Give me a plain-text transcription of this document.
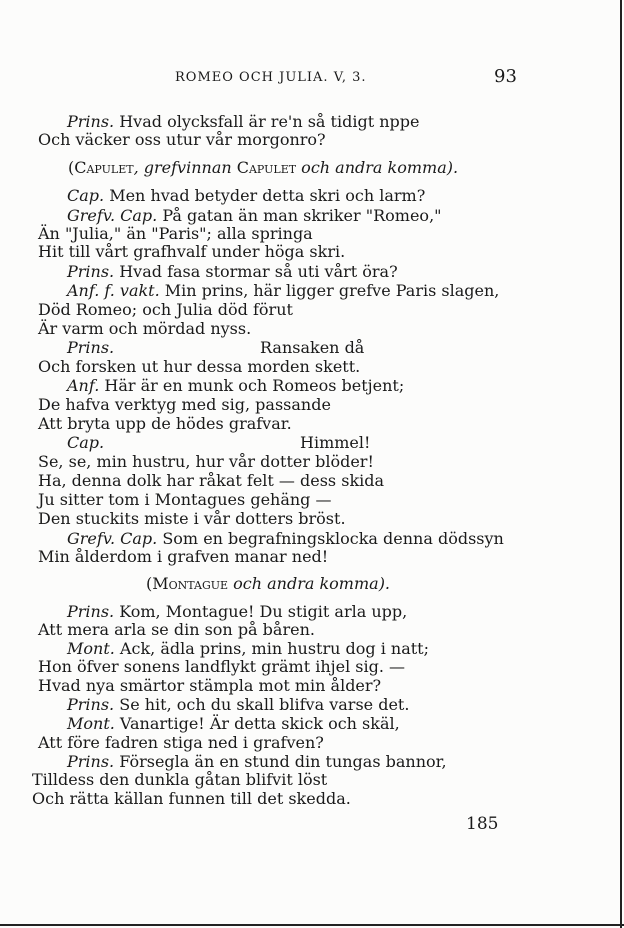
ROMEO OCH JULIA. V, 3.	93
Prins. Hvad olycksfall är re'n så tidigt nppe
Och väcker oss utur vår morgonro?
(Capulet, grefvinnan Capulet och andra komma).
Cap. Men hvad betyder detta skri och larm?
Grefv. Cap. På gatan än man skriker "Romeo,"
Än "Julia," än "Paris"; alla springa
Hit till vårt grafhvalf under höga skri.
Prins. Hvad fasa stormar så uti vårt öra?
Anf. f. vakt. Min prins, här ligger grefve Paris slagen,
Död Romeo; och Julia död förut
Är varm och mördad nyss.
Prins.	Ransaken då
Och forsken ut hur dessa morden skett.
Anf. Här är en munk och Romeos betjent;
De hafva verktyg med sig, passande
Att bryta upp de hödes grafvar.
Cap.	Himmel!
Se, se, min hustru, hur vår dotter blöder!
Ha, denna dolk har råkat felt — dess skida
Ju sitter tom i Montagues gehäng —
Den stuckits miste i vår dotters bröst.
Grefv. Cap. Som en begrafningsklocka denna dödssyn
Min ålderdom i grafven manar ned!
(Montague och andra komma).
Prins. Kom, Montague! Du stigit arla upp,
Att mera arla se din son på båren.
Mont. Ack, ädla prins, min hustru dog i natt;
Hon öfver sonens landflykt grämt ihjel sig. —
Hvad nya smärtor stämpla mot min ålder?
Prins. Se hit, och du skall blifva varse det.
Mont. Vanartige! Är detta skick och skäl,
Att före fadren stiga ned i grafven?
Prins. Försegla än en stund din tungas bannor,
Tilldess den dunkla gåtan blifvit löst
Och rätta källan funnen till det skedda.
185
